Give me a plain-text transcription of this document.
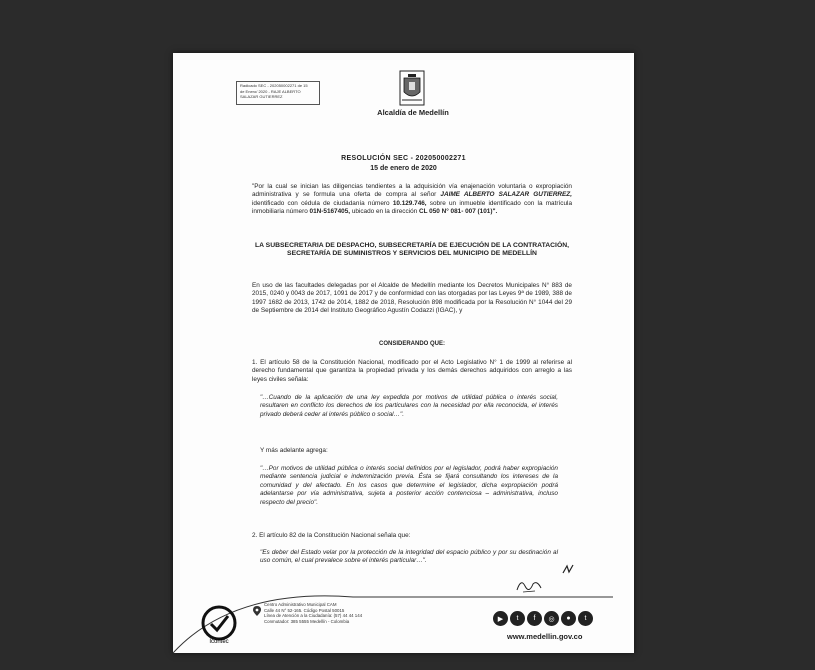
Radicado SEC - 202050002271 de 15
de Enero/ 2020 - RAJE ALBERTO
SALAZAR GUTIERREZ
Alcaldía de Medellín
RESOLUCIÓN SEC - 202050002271
15 de enero de 2020
"Por la cual se inician las diligencias tendientes a la adquisición vía enajenación voluntaria o expropiación administrativa y se formula una oferta de compra al señor JAIME ALBERTO SALAZAR GUTIERREZ, identificado con cédula de ciudadanía número 10.129.746, sobre un inmueble identificado con la matrícula inmobiliaria número 01N-5167405, ubicado en la dirección CL 050 N° 081- 007 (101)".
LA SUBSECRETARIA DE DESPACHO, SUBSECRETARÍA DE EJECUCIÓN DE LA CONTRATACIÓN, SECRETARÍA DE SUMINISTROS Y SERVICIOS DEL MUNICIPIO DE MEDELLÍN
En uso de las facultades delegadas por el Alcalde de Medellín mediante los Decretos Municipales N° 883 de 2015, 0240 y 0043 de 2017, 1091 de 2017 y de conformidad con las otorgadas por las Leyes 9ª de 1989, 388 de 1997 1682 de 2013, 1742 de 2014, 1882 de 2018, Resolución 898 modificada por la Resolución N° 1044 del 29 de Septiembre de 2014 del Instituto Geográfico Agustín Codazzi (IGAC), y
CONSIDERANDO QUE:
1. El artículo 58 de la Constitución Nacional, modificado por el Acto Legislativo N° 1 de 1999 al referirse al derecho fundamental que garantiza la propiedad privada y los demás derechos adquiridos con arreglo a las leyes civiles señala:
"…Cuando de la aplicación de una ley expedida por motivos de utilidad pública o interés social, resultaren en conflicto los derechos de los particulares con la necesidad por ella reconocida, el interés privado deberá ceder al interés público o social…".
Y más adelante agrega:
"…Por motivos de utilidad pública o interés social definidos por el legislador, podrá haber expropiación mediante sentencia judicial e indemnización previa. Ésta se fijará consultando los intereses de la comunidad y del afectado. En los casos que determine el legislador, dicha expropiación podrá adelantarse por vía administrativa, sujeta a posterior acción contenciosa – administrativa, incluso respecto del precio".
2. El artículo 82 de la Constitución Nacional señala que:
"Es deber del Estado velar por la protección de la integridad del espacio público y por su destinación al uso común, el cual prevalece sobre el interés particular…".
Icontec
Centro Administrativo Municipal CAM
Calle 44 N° 52-165. Código Postal 50015
Línea de Atención a la Ciudadanía: (57) 44 44 144
Conmutador: 385 5555 Medellín - Colombia	▶	t	f	◎	●	t
www.medellin.gov.co
